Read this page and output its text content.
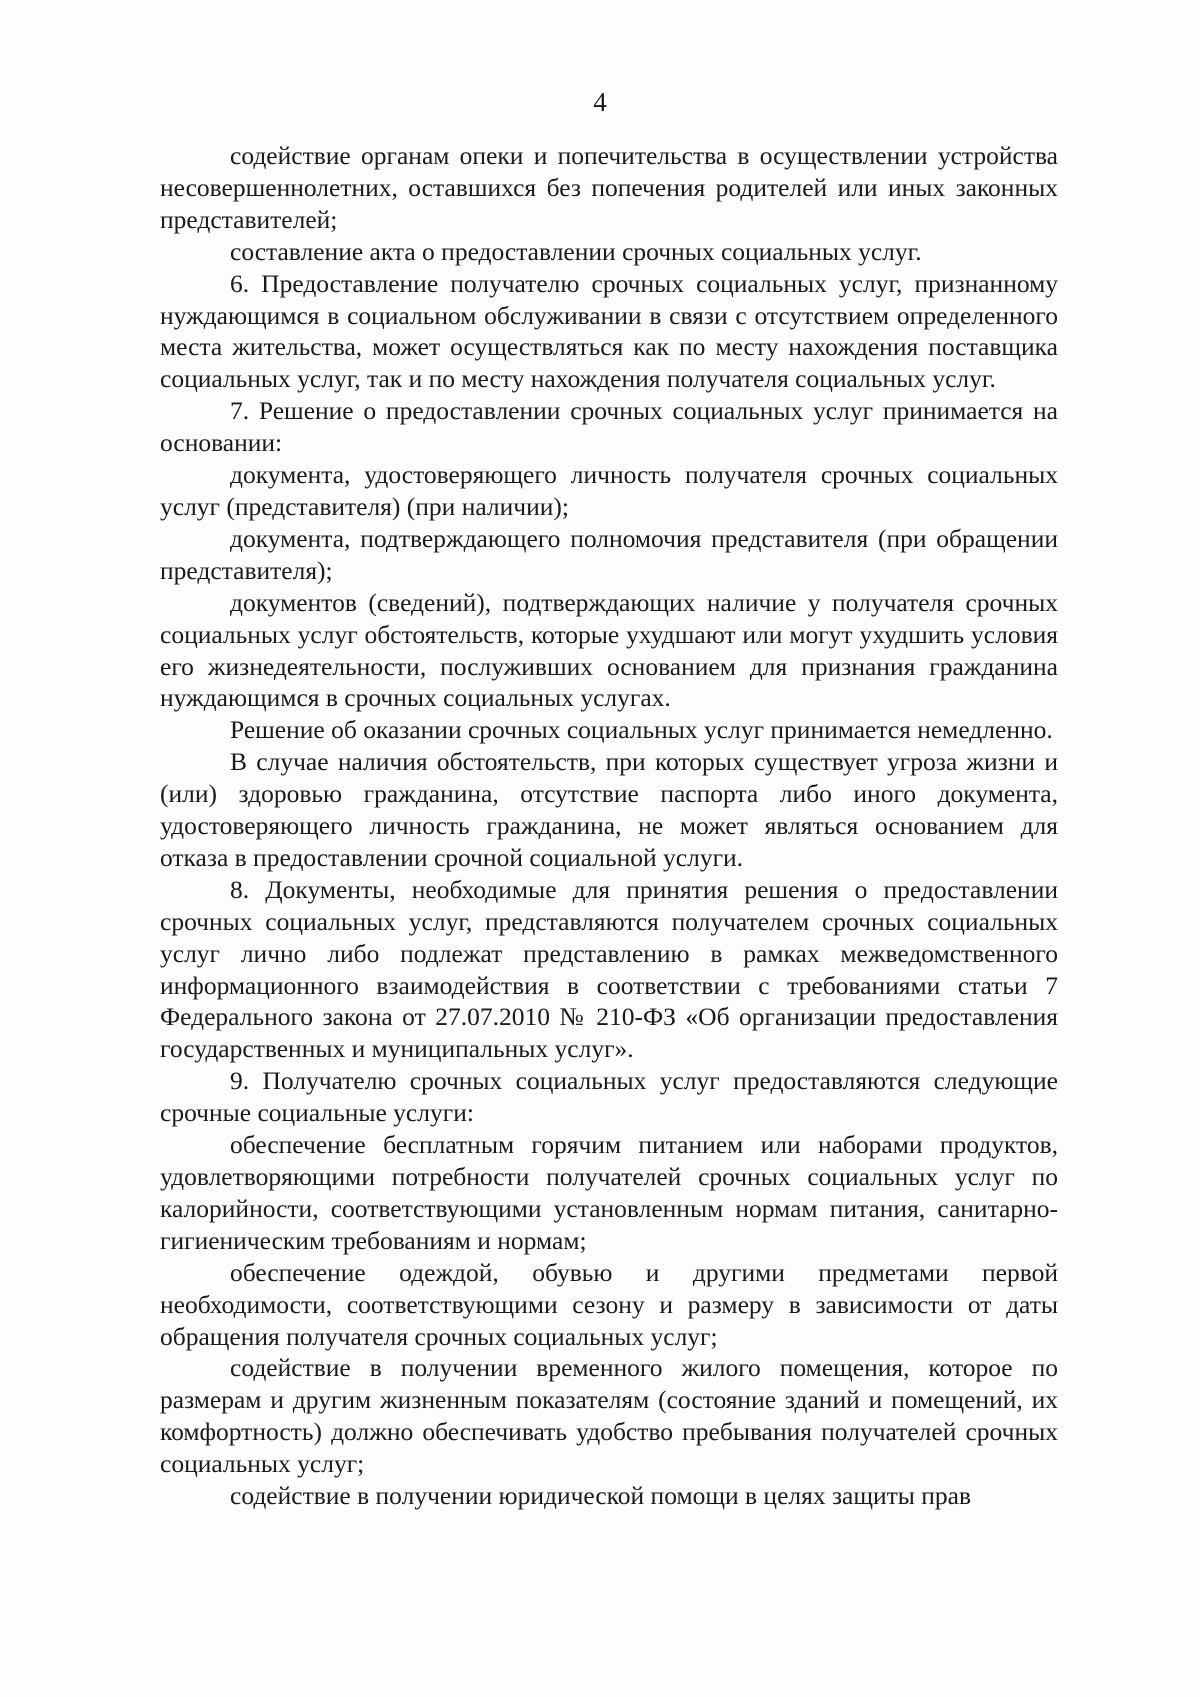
4

содействие органам опеки и попечительства в осуществлении устройства несовершеннолетних, оставшихся без попечения родителей или иных законных представителей;

составление акта о предоставлении срочных социальных услуг.

6. Предоставление получателю срочных социальных услуг, признанному нуждающимся в социальном обслуживании в связи с отсутствием определенного места жительства, может осуществляться как по месту нахождения поставщика социальных услуг, так и по месту нахождения получателя социальных услуг.

7. Решение о предоставлении срочных социальных услуг принимается на основании:

документа, удостоверяющего личность получателя срочных социальных услуг (представителя) (при наличии);

документа, подтверждающего полномочия представителя (при обращении представителя);

документов (сведений), подтверждающих наличие у получателя срочных социальных услуг обстоятельств, которые ухудшают или могут ухудшить условия его жизнедеятельности, послуживших основанием для признания гражданина нуждающимся в срочных социальных услугах.

Решение об оказании срочных социальных услуг принимается немедленно.

В случае наличия обстоятельств, при которых существует угроза жизни и (или) здоровью гражданина, отсутствие паспорта либо иного документа, удостоверяющего личность гражданина, не может являться основанием для отказа в предоставлении срочной социальной услуги.

8. Документы, необходимые для принятия решения о предоставлении срочных социальных услуг, представляются получателем срочных социальных услуг лично либо подлежат представлению в рамках межведомственного информационного взаимодействия в соответствии с требованиями статьи 7 Федерального закона от 27.07.2010 № 210-ФЗ «Об организации предоставления государственных и муниципальных услуг».

9. Получателю срочных социальных услуг предоставляются следующие срочные социальные услуги:

обеспечение бесплатным горячим питанием или наборами продуктов, удовлетворяющими потребности получателей срочных социальных услуг по калорийности, соответствующими установленным нормам питания, санитарно-гигиеническим требованиям и нормам;

обеспечение одеждой, обувью и другими предметами первой необходимости, соответствующими сезону и размеру в зависимости от даты обращения получателя срочных социальных услуг;

содействие в получении временного жилого помещения, которое по размерам и другим жизненным показателям (состояние зданий и помещений, их комфортность) должно обеспечивать удобство пребывания получателей срочных социальных услуг;

содействие в получении юридической помощи в целях защиты прав
